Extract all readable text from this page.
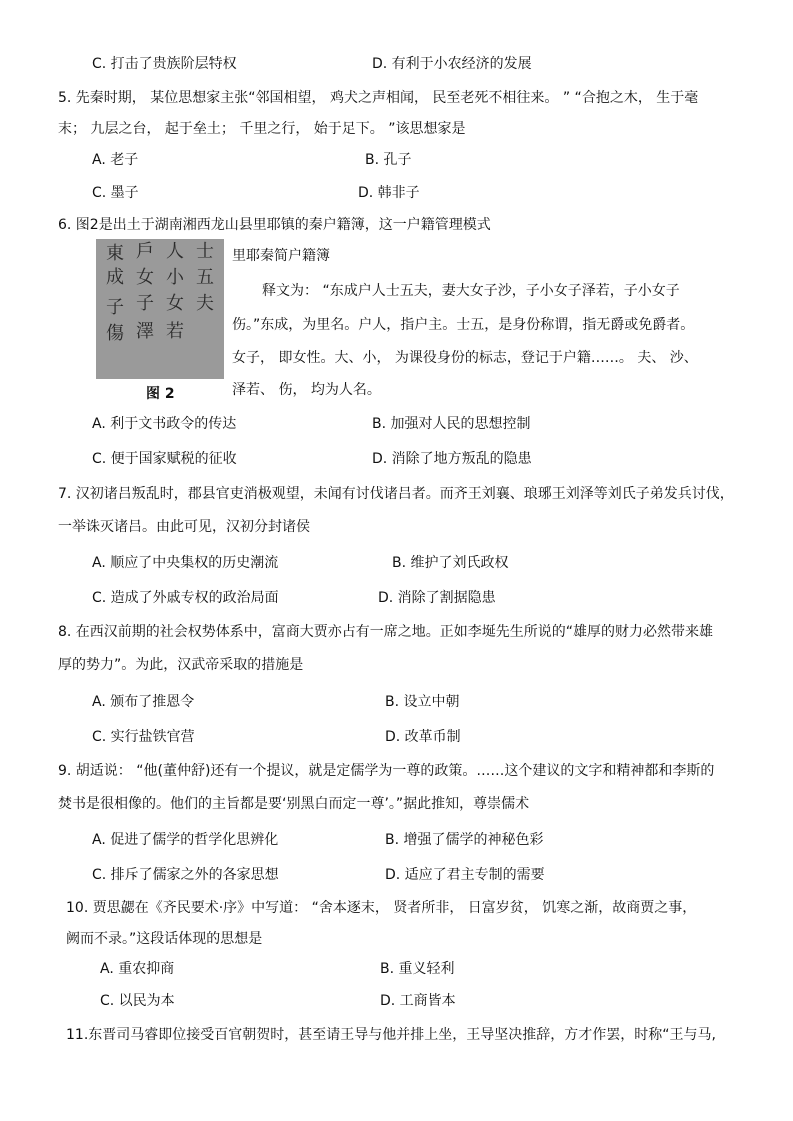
C. 打击了贵族阶层特权	D. 有利于小农经济的发展
5. 先秦时期， 某位思想家主张“邻国相望， 鸡犬之声相闻， 民至老死不相往来。 ” “合抱之木， 生于毫
末； 九层之台， 起于垒土； 千里之行， 始于足下。 ”该思想家是
A. 老子	B. 孔子
C. 墨子	D. 韩非子
6. 图2是出土于湖南湘西龙山县里耶镇的秦户籍簿，这一户籍管理模式
東
成
子
傷
戶
女
子
澤
人
小
女
若
士
五
夫
图 2
里耶秦简户籍簿
释文为： “东成户人士五夫，妻大女子沙，子小女子泽若，子小女子
伤。”东成，为里名。户人，指户主。士五，是身份称谓，指无爵或免爵者。
女子， 即女性。大、小， 为课役身份的标志，登记于户籍……。 夫、 沙、
泽若、 伤， 均为人名。
A. 利于文书政令的传达	B. 加强对人民的思想控制
C. 便于国家赋税的征收	D. 消除了地方叛乱的隐患
7. 汉初诸吕叛乱时，郡县官吏消极观望，未闻有讨伐诸吕者。而齐王刘襄、琅琊王刘泽等刘氏子弟发兵讨伐，
一举诛灭诸吕。由此可见，汉初分封诸侯
A. 顺应了中央集权的历史潮流	B. 维护了刘氏政权
C. 造成了外戚专权的政治局面	D. 消除了割据隐患
8. 在西汉前期的社会权势体系中，富商大贾亦占有一席之地。正如李埏先生所说的“雄厚的财力必然带来雄
厚的势力”。为此，汉武帝采取的措施是
A. 颁布了推恩令	B. 设立中朝
C. 实行盐铁官营	D. 改革币制
9. 胡适说： “他(董仲舒)还有一个提议，就是定儒学为一尊的政策。……这个建议的文字和精神都和李斯的
焚书是很相像的。他们的主旨都是要‘别黑白而定一尊’。”据此推知，尊崇儒术
A. 促进了儒学的哲学化思辨化	B. 增强了儒学的神秘色彩
C. 排斥了儒家之外的各家思想	D. 适应了君主专制的需要
10. 贾思勰在《齐民要术·序》中写道： “舍本逐末， 贤者所非， 日富岁贫， 饥寒之渐，故商贾之事，
阙而不录。”这段话体现的思想是
A. 重农抑商	B. 重义轻利
C. 以民为本	D. 工商皆本
11.东晋司马睿即位接受百官朝贺时，甚至请王导与他并排上坐，王导坚决推辞，方才作罢，时称“王与马,
